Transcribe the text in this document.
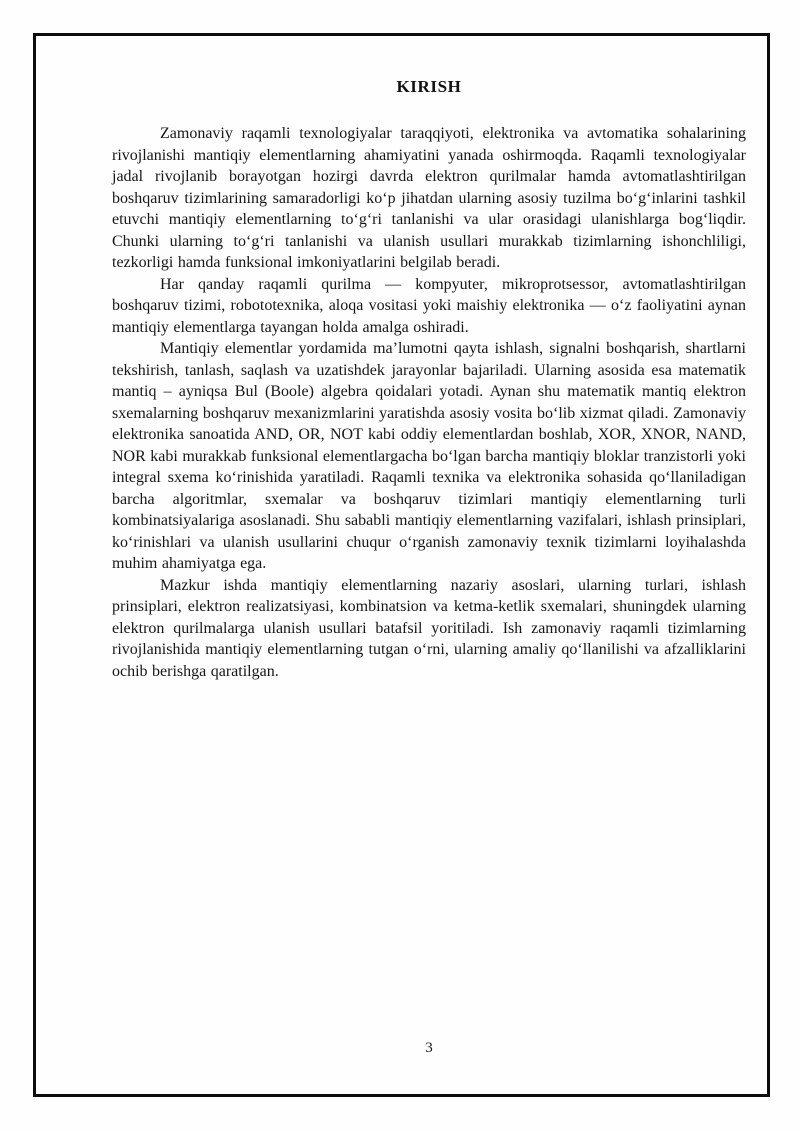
KIRISH

Zamonaviy raqamli texnologiyalar taraqqiyoti, elektronika va avtomatika sohalarining rivojlanishi mantiqiy elementlarning ahamiyatini yanada oshirmoqda. Raqamli texnologiyalar jadal rivojlanib borayotgan hozirgi davrda elektron qurilmalar hamda avtomatlashtirilgan boshqaruv tizimlarining samaradorligi ko‘p jihatdan ularning asosiy tuzilma bo‘g‘inlarini tashkil etuvchi mantiqiy elementlarning to‘g‘ri tanlanishi va ular orasidagi ulanishlarga bog‘liqdir. Chunki ularning to‘g‘ri tanlanishi va ulanish usullari murakkab tizimlarning ishonchliligi, tezkorligi hamda funksional imkoniyatlarini belgilab beradi.

Har qanday raqamli qurilma — kompyuter, mikroprotsessor, avtomatlashtirilgan boshqaruv tizimi, robototexnika, aloqa vositasi yoki maishiy elektronika — o‘z faoliyatini aynan mantiqiy elementlarga tayangan holda amalga oshiradi.

Mantiqiy elementlar yordamida ma’lumotni qayta ishlash, signalni boshqarish, shartlarni tekshirish, tanlash, saqlash va uzatishdek jarayonlar bajariladi. Ularning asosida esa matematik mantiq – ayniqsa Bul (Boole) algebra qoidalari yotadi. Aynan shu matematik mantiq elektron sxemalarning boshqaruv mexanizmlarini yaratishda asosiy vosita bo‘lib xizmat qiladi. Zamonaviy elektronika sanoatida AND, OR, NOT kabi oddiy elementlardan boshlab, XOR, XNOR, NAND, NOR kabi murakkab funksional elementlargacha bo‘lgan barcha mantiqiy bloklar tranzistorli yoki integral sxema ko‘rinishida yaratiladi. Raqamli texnika va elektronika sohasida qo‘llaniladigan barcha algoritmlar, sxemalar va boshqaruv tizimlari mantiqiy elementlarning turli kombinatsiyalariga asoslanadi. Shu sababli mantiqiy elementlarning vazifalari, ishlash prinsiplari, ko‘rinishlari va ulanish usullarini chuqur o‘rganish zamonaviy texnik tizimlarni loyihalashda muhim ahamiyatga ega.

Mazkur ishda mantiqiy elementlarning nazariy asoslari, ularning turlari, ishlash prinsiplari, elektron realizatsiyasi, kombinatsion va ketma-ketlik sxemalari, shuningdek ularning elektron qurilmalarga ulanish usullari batafsil yoritiladi. Ish zamonaviy raqamli tizimlarning rivojlanishida mantiqiy elementlarning tutgan o‘rni, ularning amaliy qo‘llanilishi va afzalliklarini ochib berishga qaratilgan.

3
